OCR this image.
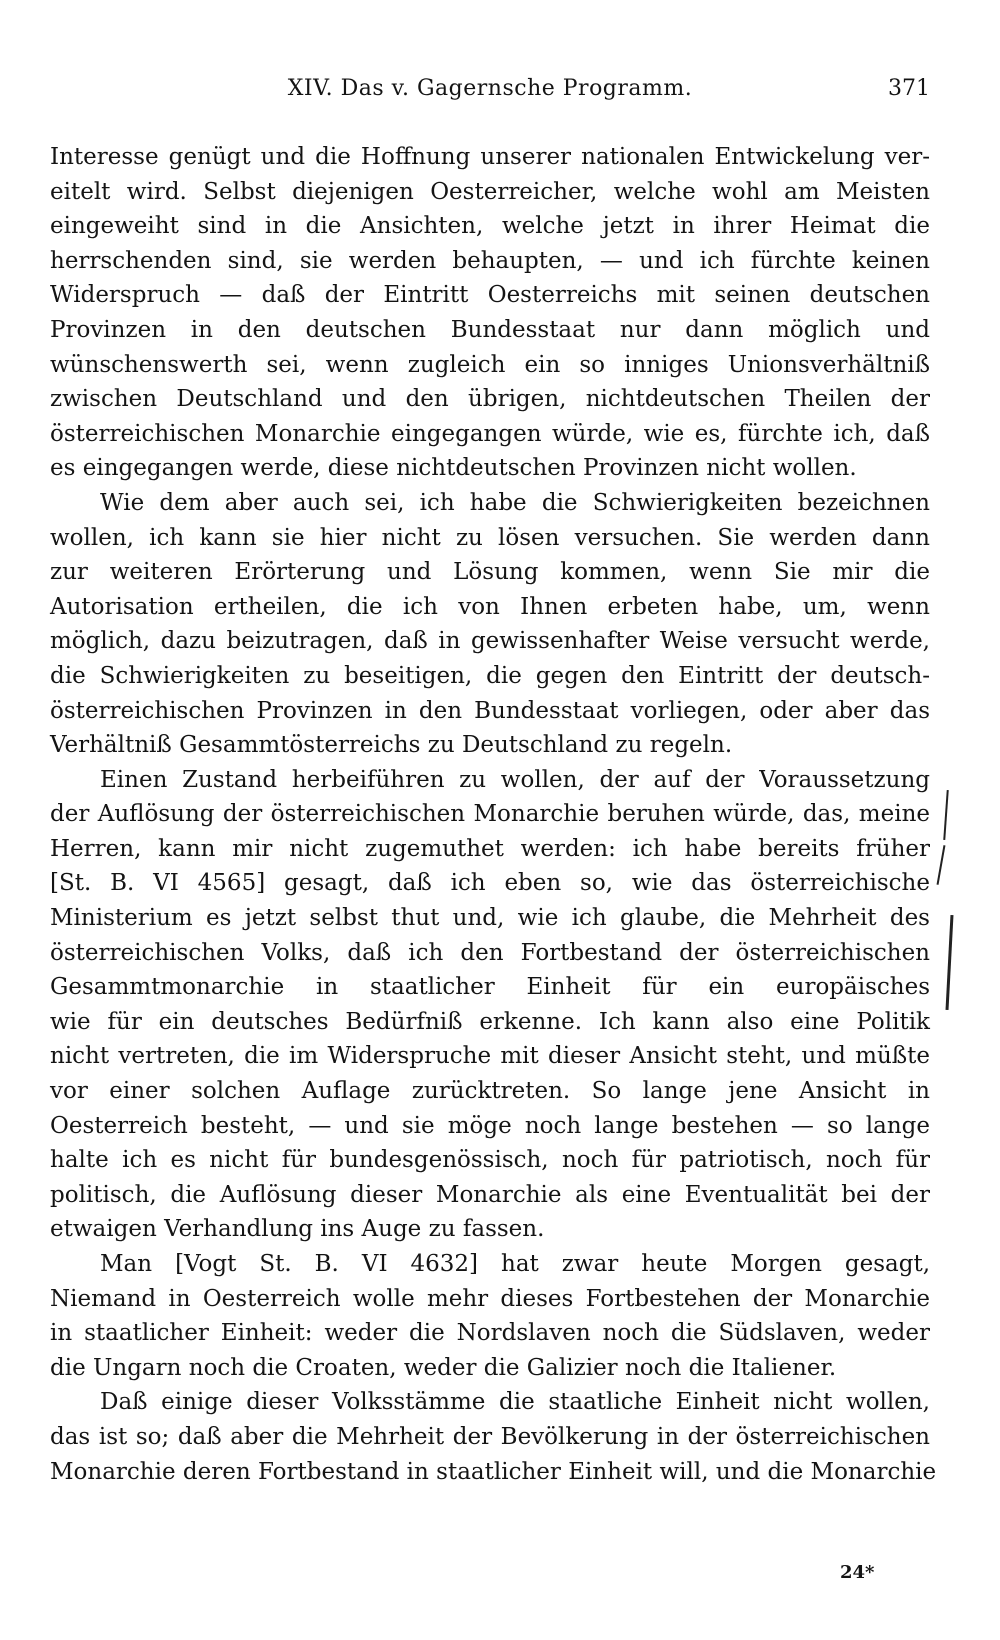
XIV. Das v. Gagernsche Programm.	371
Interesse genügt und die Hoffnung unserer nationalen Entwickelung ver-
eitelt wird. Selbst diejenigen Oesterreicher, welche wohl am Meisten
eingeweiht sind in die Ansichten, welche jetzt in ihrer Heimat die
herrschenden sind, sie werden behaupten, — und ich fürchte keinen
Widerspruch — daß der Eintritt Oesterreichs mit seinen deutschen
Provinzen in den deutschen Bundesstaat nur dann möglich und
wünschenswerth sei, wenn zugleich ein so inniges Unionsverhältniß
zwischen Deutschland und den übrigen, nichtdeutschen Theilen der
österreichischen Monarchie eingegangen würde, wie es, fürchte ich, daß
es eingegangen werde, diese nichtdeutschen Provinzen nicht wollen.
Wie dem aber auch sei, ich habe die Schwierigkeiten bezeichnen
wollen, ich kann sie hier nicht zu lösen versuchen. Sie werden dann
zur weiteren Erörterung und Lösung kommen, wenn Sie mir die
Autorisation ertheilen, die ich von Ihnen erbeten habe, um, wenn
möglich, dazu beizutragen, daß in gewissenhafter Weise versucht werde,
die Schwierigkeiten zu beseitigen, die gegen den Eintritt der deutsch-
österreichischen Provinzen in den Bundesstaat vorliegen, oder aber das
Verhältniß Gesammtösterreichs zu Deutschland zu regeln.
Einen Zustand herbeiführen zu wollen, der auf der Voraussetzung
der Auflösung der österreichischen Monarchie beruhen würde, das, meine
Herren, kann mir nicht zugemuthet werden: ich habe bereits früher
[St. B. VI 4565] gesagt, daß ich eben so, wie das österreichische
Ministerium es jetzt selbst thut und, wie ich glaube, die Mehrheit des
österreichischen Volks, daß ich den Fortbestand der österreichischen
Gesammtmonarchie in staatlicher Einheit für ein europäisches
wie für ein deutsches Bedürfniß erkenne. Ich kann also eine Politik
nicht vertreten, die im Widerspruche mit dieser Ansicht steht, und müßte
vor einer solchen Auflage zurücktreten. So lange jene Ansicht in
Oesterreich besteht, — und sie möge noch lange bestehen — so lange
halte ich es nicht für bundesgenössisch, noch für patriotisch, noch für
politisch, die Auflösung dieser Monarchie als eine Eventualität bei der
etwaigen Verhandlung ins Auge zu fassen.
Man [Vogt St. B. VI 4632] hat zwar heute Morgen gesagt,
Niemand in Oesterreich wolle mehr dieses Fortbestehen der Monarchie
in staatlicher Einheit: weder die Nordslaven noch die Südslaven, weder
die Ungarn noch die Croaten, weder die Galizier noch die Italiener.
Daß einige dieser Volksstämme die staatliche Einheit nicht wollen,
das ist so; daß aber die Mehrheit der Bevölkerung in der österreichischen
Monarchie deren Fortbestand in staatlicher Einheit will, und die Monarchie
24*
